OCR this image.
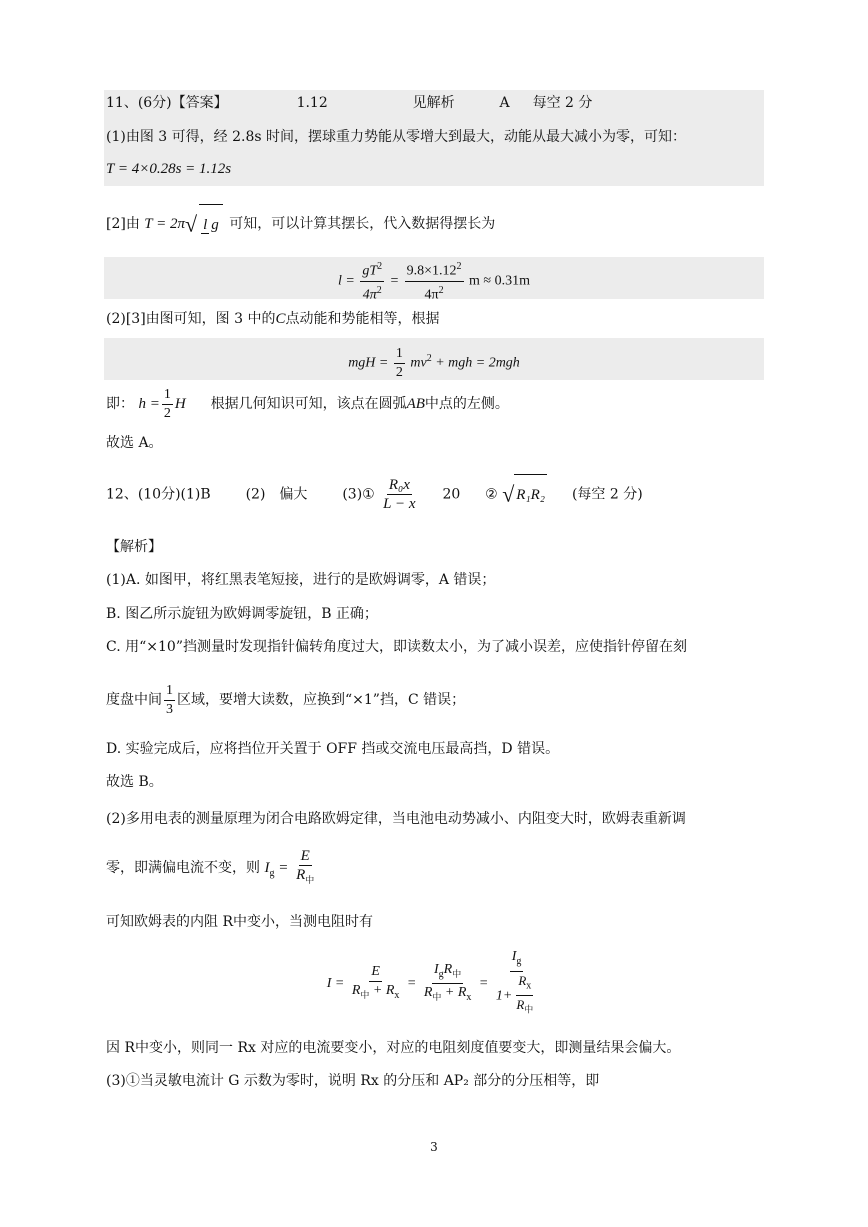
11、(6分)【答案】	1.12	见解析	A 每空 2 分
(1)由图 3 可得，经 2.8s 时间，摆球重力势能从零增大到最大，动能从最大减小为零，可知：
T = 4×0.28s = 1.12s
[2]由 T = 2π√ l g 可知，可以计算其摆长，代入数据得摆长为
$l = \frac{gT^2}{4\pi^2} = \frac{9.8\times 1.12^2}{4\pi^2}$ m ≈ 0.31m
(2)[3]由图可知，图 3 中的C点动能和势能相等，根据
mgH = $\frac{1}{2} mv^2$ + mgh = 2mgh
即： $h = \frac{1}{2}$ H 根据几何知识可知，该点在圆弧AB中点的左侧。
故选 A。
12、(10分)(1)B (2)　偏大 (3)① $\frac{\text{R₀x}}{L - x} 20$ ② √ R₁R₂ (每空 2 分)
【解析】
(1)A. 如图甲，将红黑表笔短接，进行的是欧姆调零，A 错误；
B. 图乙所示旋钮为欧姆调零旋钮，B 正确；
C. 用“×10”挡测量时发现指针偏转角度过大，即读数太小，为了减小误差，应使指针停留在刻
度盘中间 $\frac{1}{3}$ 区域，要增大读数，应换到“×1”挡，C 错误；
D. 实验完成后，应将挡位开关置于 OFF 挡或交流电压最高挡，D 错误。
故选 B。
(2)多用电表的测量原理为闭合电路欧姆定律，当电池电动势减小、内阻变大时，欧姆表重新调
零，即满偏电流不变，则 $I_g = \frac{E}{R_中}$
可知欧姆表的内阻 R中变小，当测电阻时有
$I = \frac{E}{R_中 + R_x} = \frac{I_gR_中}{R_中 + R_x} = \frac{I_g}{1+ \frac{R_x}{R_中}}$
因 R中变小，则同一 Rx 对应的电流要变小，对应的电阻刻度值要变大，即测量结果会偏大。
(3)①当灵敏电流计 G 示数为零时，说明 Rx 的分压和 AP₂ 部分的分压相等，即
3
